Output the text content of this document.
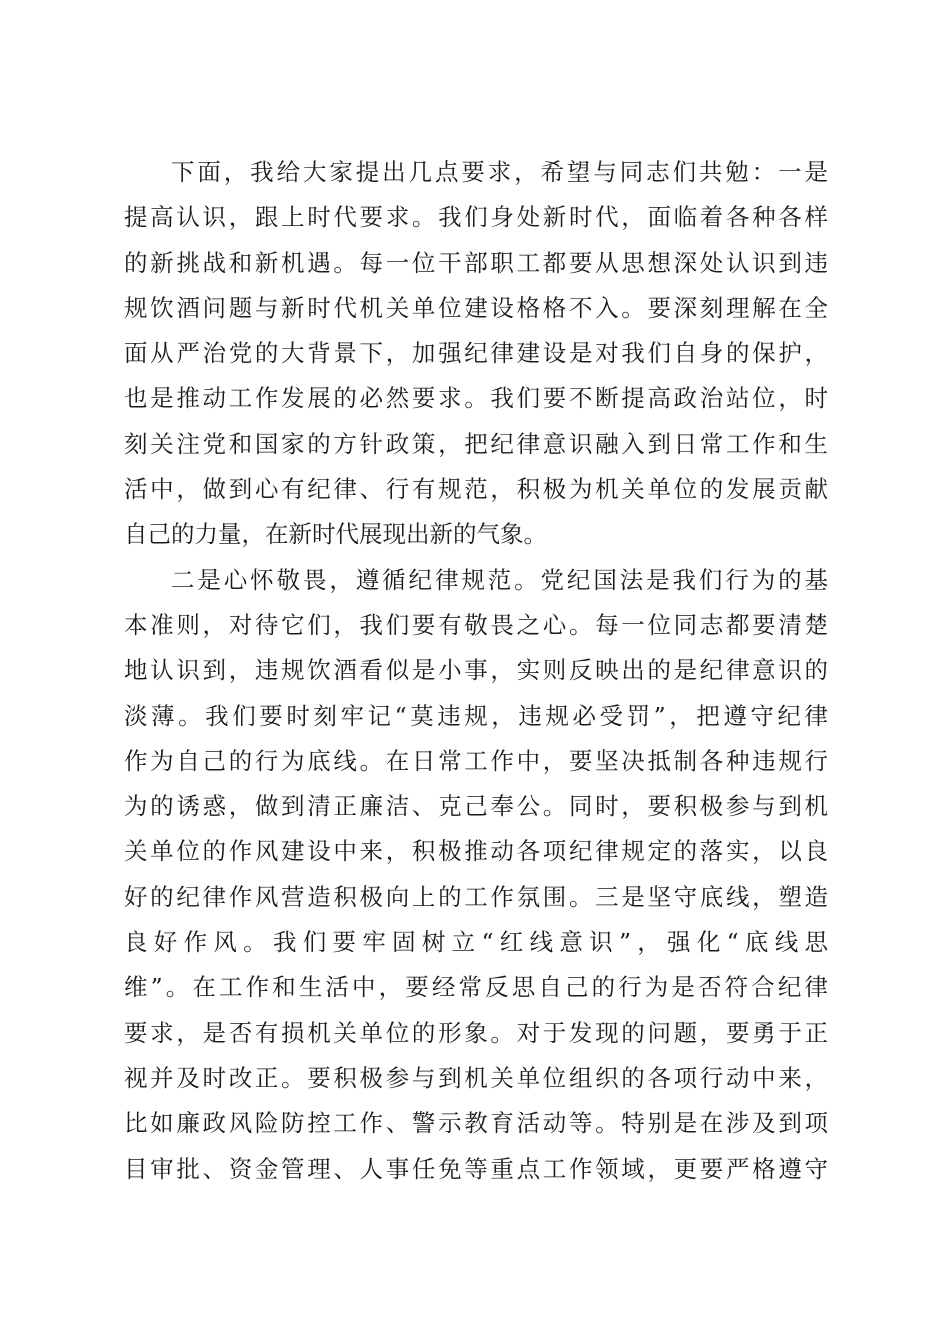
下面，我给大家提出几点要求，希望与同志们共勉：一是
提高认识，跟上时代要求。我们身处新时代，面临着各种各样
的新挑战和新机遇。每一位干部职工都要从思想深处认识到违
规饮酒问题与新时代机关单位建设格格不入。要深刻理解在全
面从严治党的大背景下，加强纪律建设是对我们自身的保护，
也是推动工作发展的必然要求。我们要不断提高政治站位，时
刻关注党和国家的方针政策，把纪律意识融入到日常工作和生
活中，做到心有纪律、行有规范，积极为机关单位的发展贡献
自己的力量，在新时代展现出新的气象。
二是心怀敬畏，遵循纪律规范。党纪国法是我们行为的基
本准则，对待它们，我们要有敬畏之心。每一位同志都要清楚
地认识到，违规饮酒看似是小事，实则反映出的是纪律意识的
淡薄。我们要时刻牢记“莫违规，违规必受罚”，把遵守纪律
作为自己的行为底线。在日常工作中，要坚决抵制各种违规行
为的诱惑，做到清正廉洁、克己奉公。同时，要积极参与到机
关单位的作风建设中来，积极推动各项纪律规定的落实，以良
好的纪律作风营造积极向上的工作氛围。三是坚守底线，塑造
良好作风。我们要牢固树立“红线意识”，强化“底线思
维”。在工作和生活中，要经常反思自己的行为是否符合纪律
要求，是否有损机关单位的形象。对于发现的问题，要勇于正
视并及时改正。要积极参与到机关单位组织的各项行动中来，
比如廉政风险防控工作、警示教育活动等。特别是在涉及到项
目审批、资金管理、人事任免等重点工作领域，更要严格遵守
